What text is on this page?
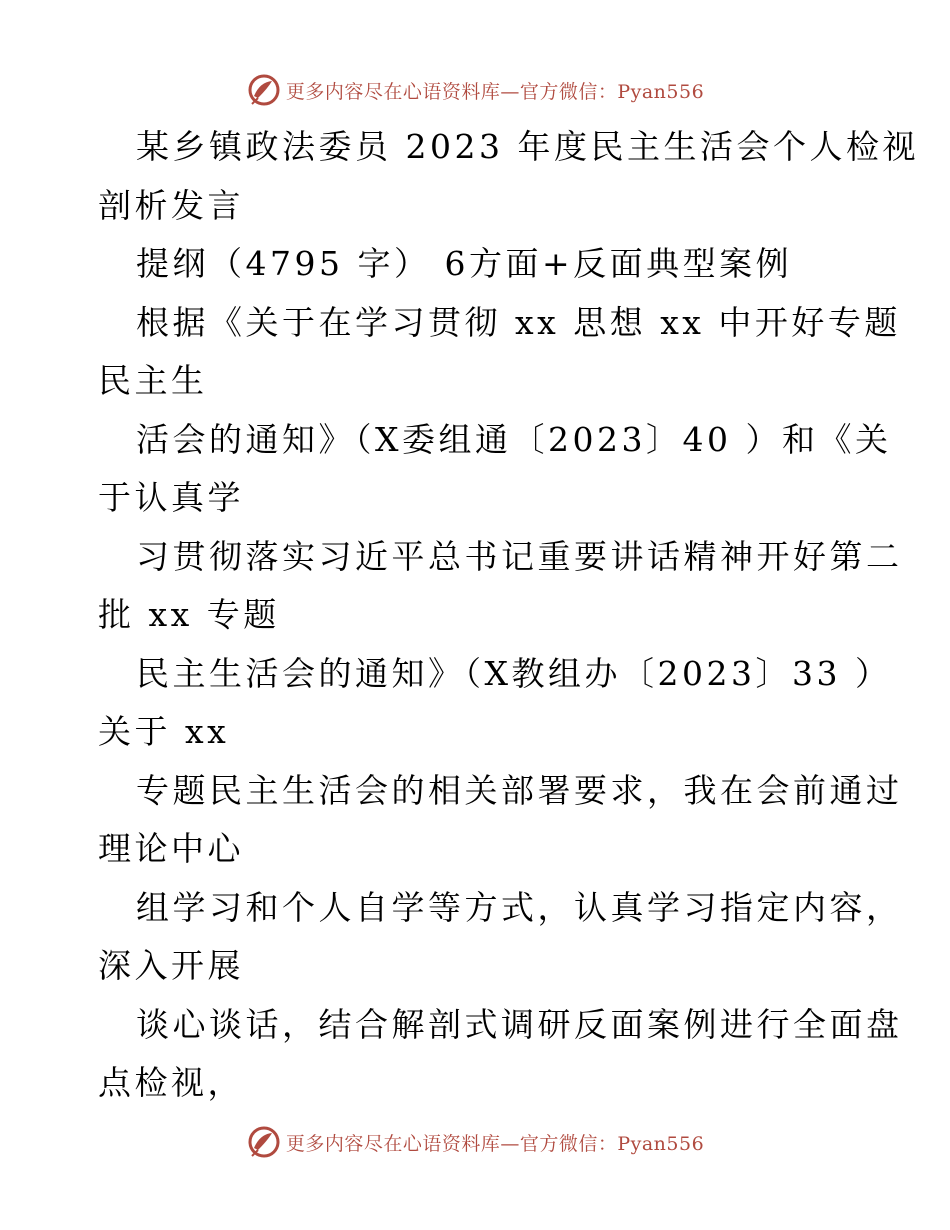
更多内容尽在心语资料库—官方微信：Pyan556
某乡镇政法委员 2023 年度民主生活会个人检视
剖析发言
提纲（4795 字） 6方面+反面典型案例
根据《关于在学习贯彻 xx 思想 xx 中开好专题
民主生
活会的通知》（X委组通〔2023〕40 ）和《关
于认真学
习贯彻落实习近平总书记重要讲话精神开好第二
批 xx 专题
民主生活会的通知》（X教组办〔2023〕33 ）
关于 xx
专题民主生活会的相关部署要求，我在会前通过
理论中心
组学习和个人自学等方式，认真学习指定内容，
深入开展
谈心谈话，结合解剖式调研反面案例进行全面盘
点检视，
更多内容尽在心语资料库—官方微信：Pyan556
